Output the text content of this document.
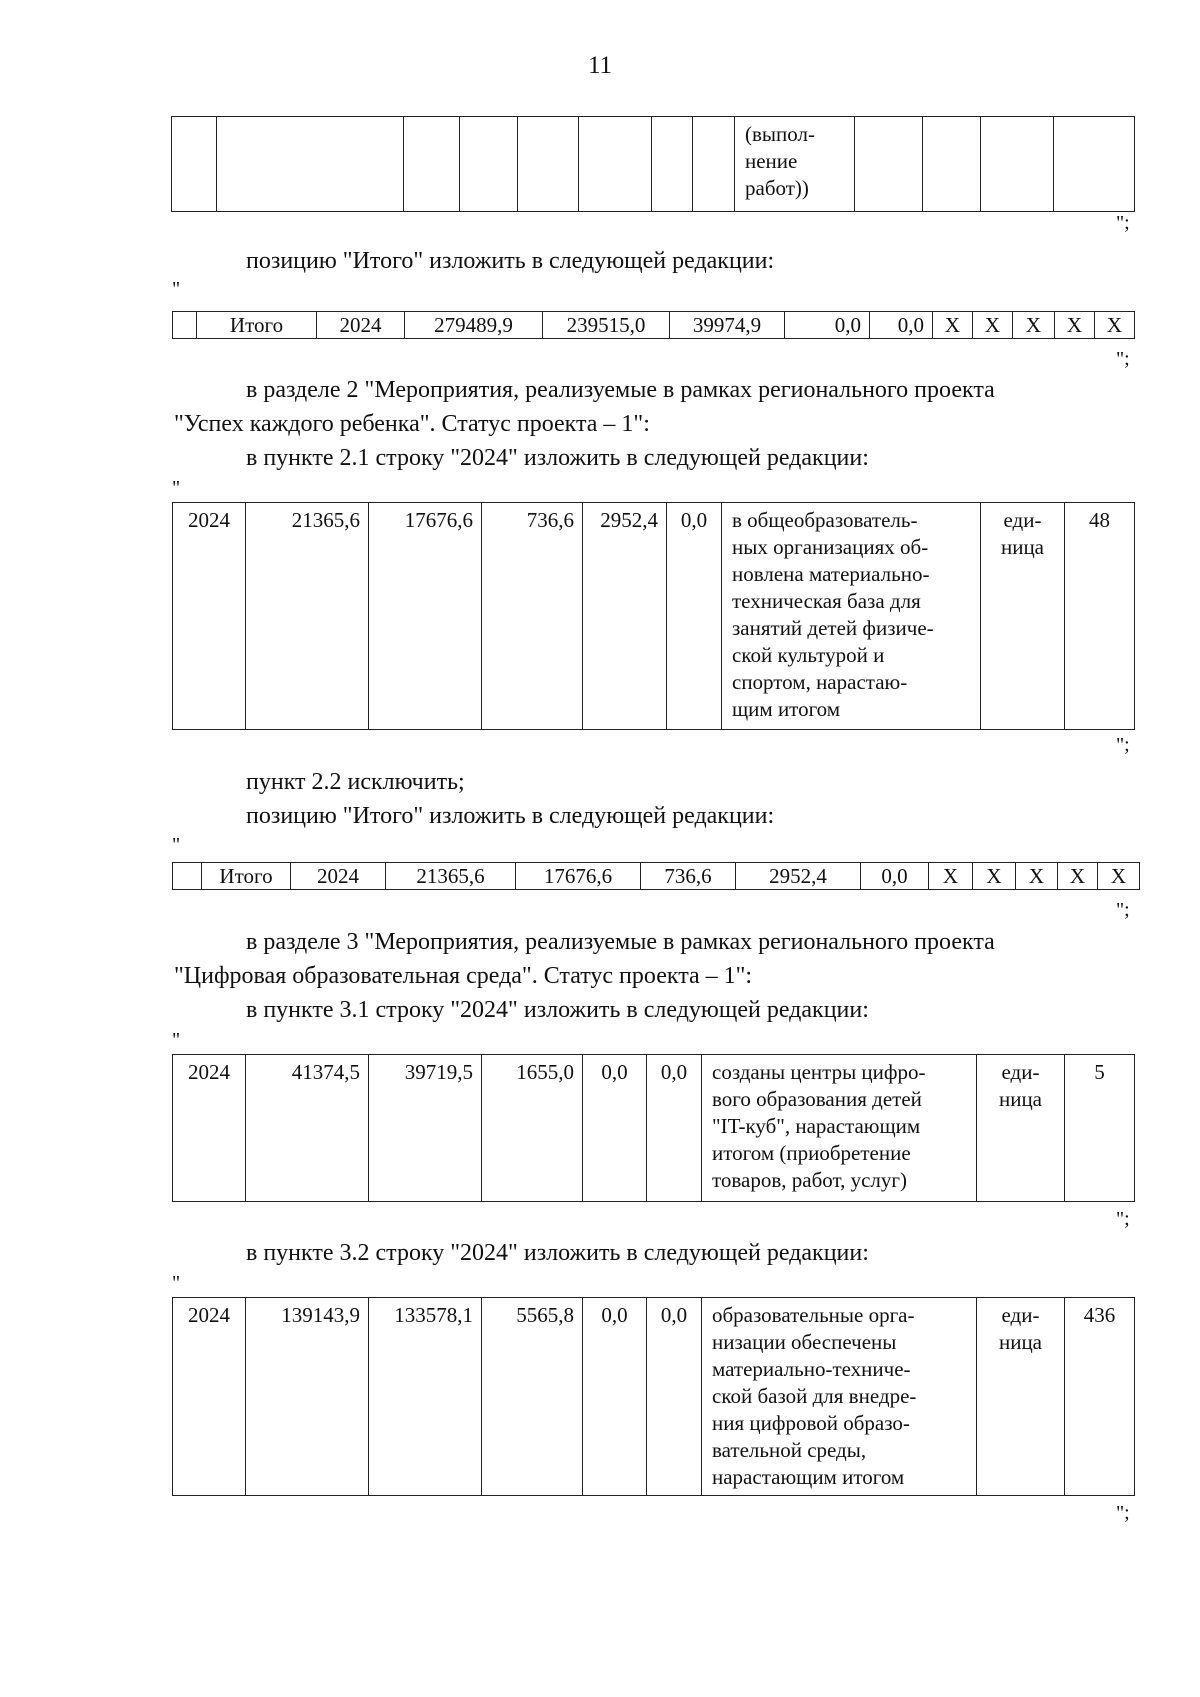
11
								(выпол-
нение
работ))				
";
позицию "Итого" изложить в следующей редакции:
"
	Итого	2024	279489,9	239515,0	39974,9	0,0	0,0	X	X	X	X	X
";
в разделе 2 "Мероприятия, реализуемые в рамках регионального проекта
"Успех каждого ребенка". Статус проекта – 1":
в пункте 2.1 строку "2024" изложить в следующей редакции:
"
2024	21365,6	17676,6	736,6	2952,4	0,0	в общеобразователь-
ных организациях об-
новлена материально-
техническая база для
занятий детей физиче-
ской культурой и
спортом, нарастаю-
щим итогом	еди-
ница	48
";
пункт 2.2 исключить;
позицию "Итого" изложить в следующей редакции:
"
	Итого	2024	21365,6	17676,6	736,6	2952,4	0,0	X	X	X	X	X
";
в разделе 3 "Мероприятия, реализуемые в рамках регионального проекта
"Цифровая образовательная среда". Статус проекта – 1":
в пункте 3.1 строку "2024" изложить в следующей редакции:
"
2024	41374,5	39719,5	1655,0	0,0	0,0	созданы центры цифро-
вого образования детей
"IT-куб", нарастающим
итогом (приобретение
товаров, работ, услуг)	еди-
ница	5
";
в пункте 3.2 строку "2024" изложить в следующей редакции:
"
2024	139143,9	133578,1	5565,8	0,0	0,0	образовательные орга-
низации обеспечены
материально-техниче-
ской базой для внедре-
ния цифровой образо-
вательной среды,
нарастающим итогом	еди-
ница	436
";
